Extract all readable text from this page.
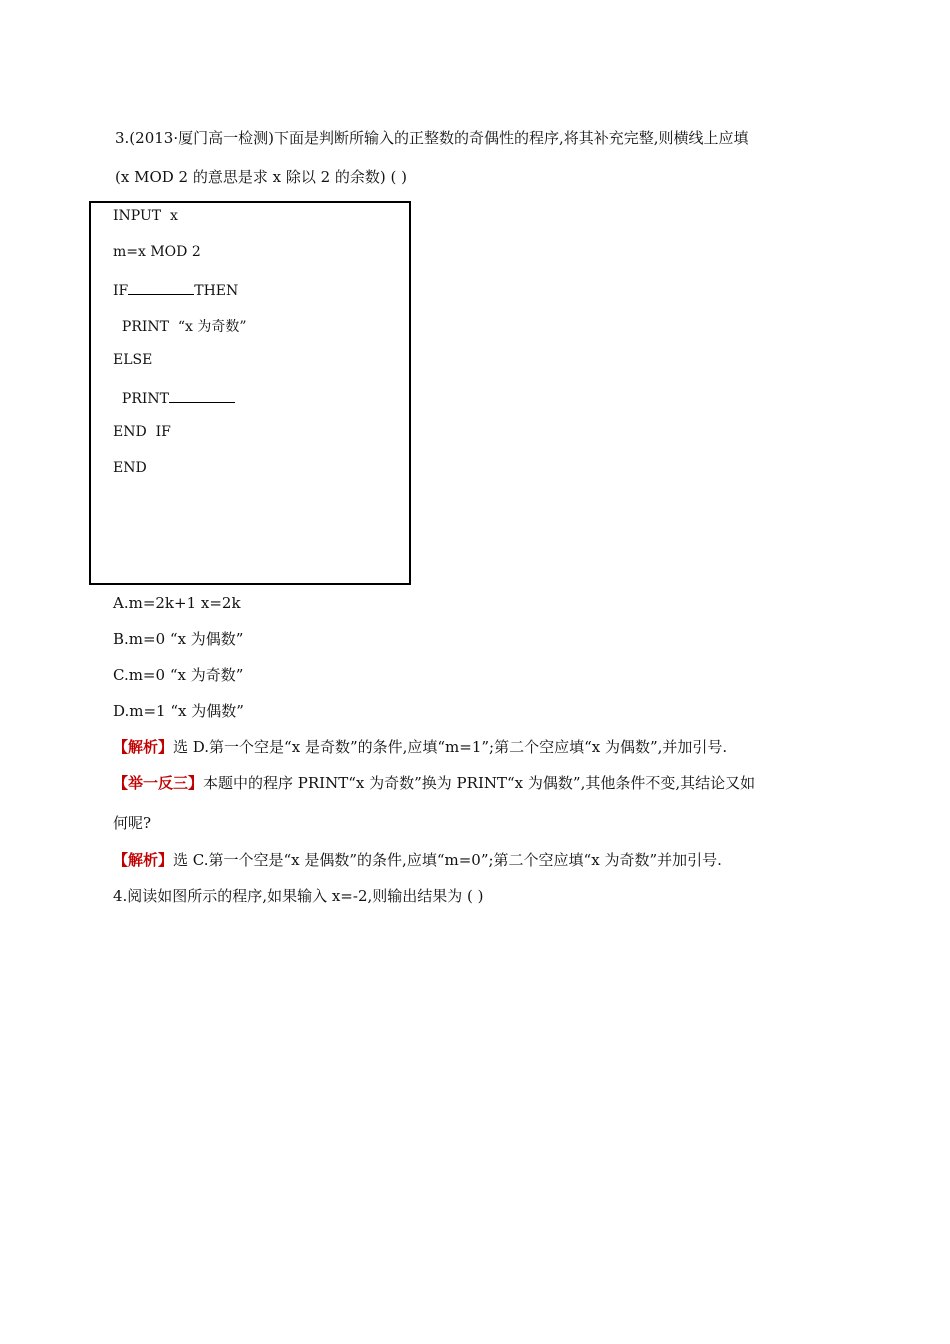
3.(2013·厦门高一检测)下面是判断所输入的正整数的奇偶性的程序,将其补充完整,则横线上应填
(x MOD 2 的意思是求 x 除以 2 的余数) ( )
INPUT  x
m=x MOD 2
IF	THEN
PRINT  “x 为奇数”
ELSE
PRINT
END  IF
END
A.m=2k+1 x=2k
B.m=0 “x 为偶数”
C.m=0 “x 为奇数”
D.m=1 “x 为偶数”
【解析】选 D.第一个空是“x 是奇数”的条件,应填“m=1”;第二个空应填“x 为偶数”,并加引号.
【举一反三】本题中的程序 PRINT“x 为奇数”换为 PRINT“x 为偶数”,其他条件不变,其结论又如
何呢?
【解析】选 C.第一个空是“x 是偶数”的条件,应填“m=0”;第二个空应填“x 为奇数”并加引号.
4.阅读如图所示的程序,如果输入 x=-2,则输出结果为 ( )
